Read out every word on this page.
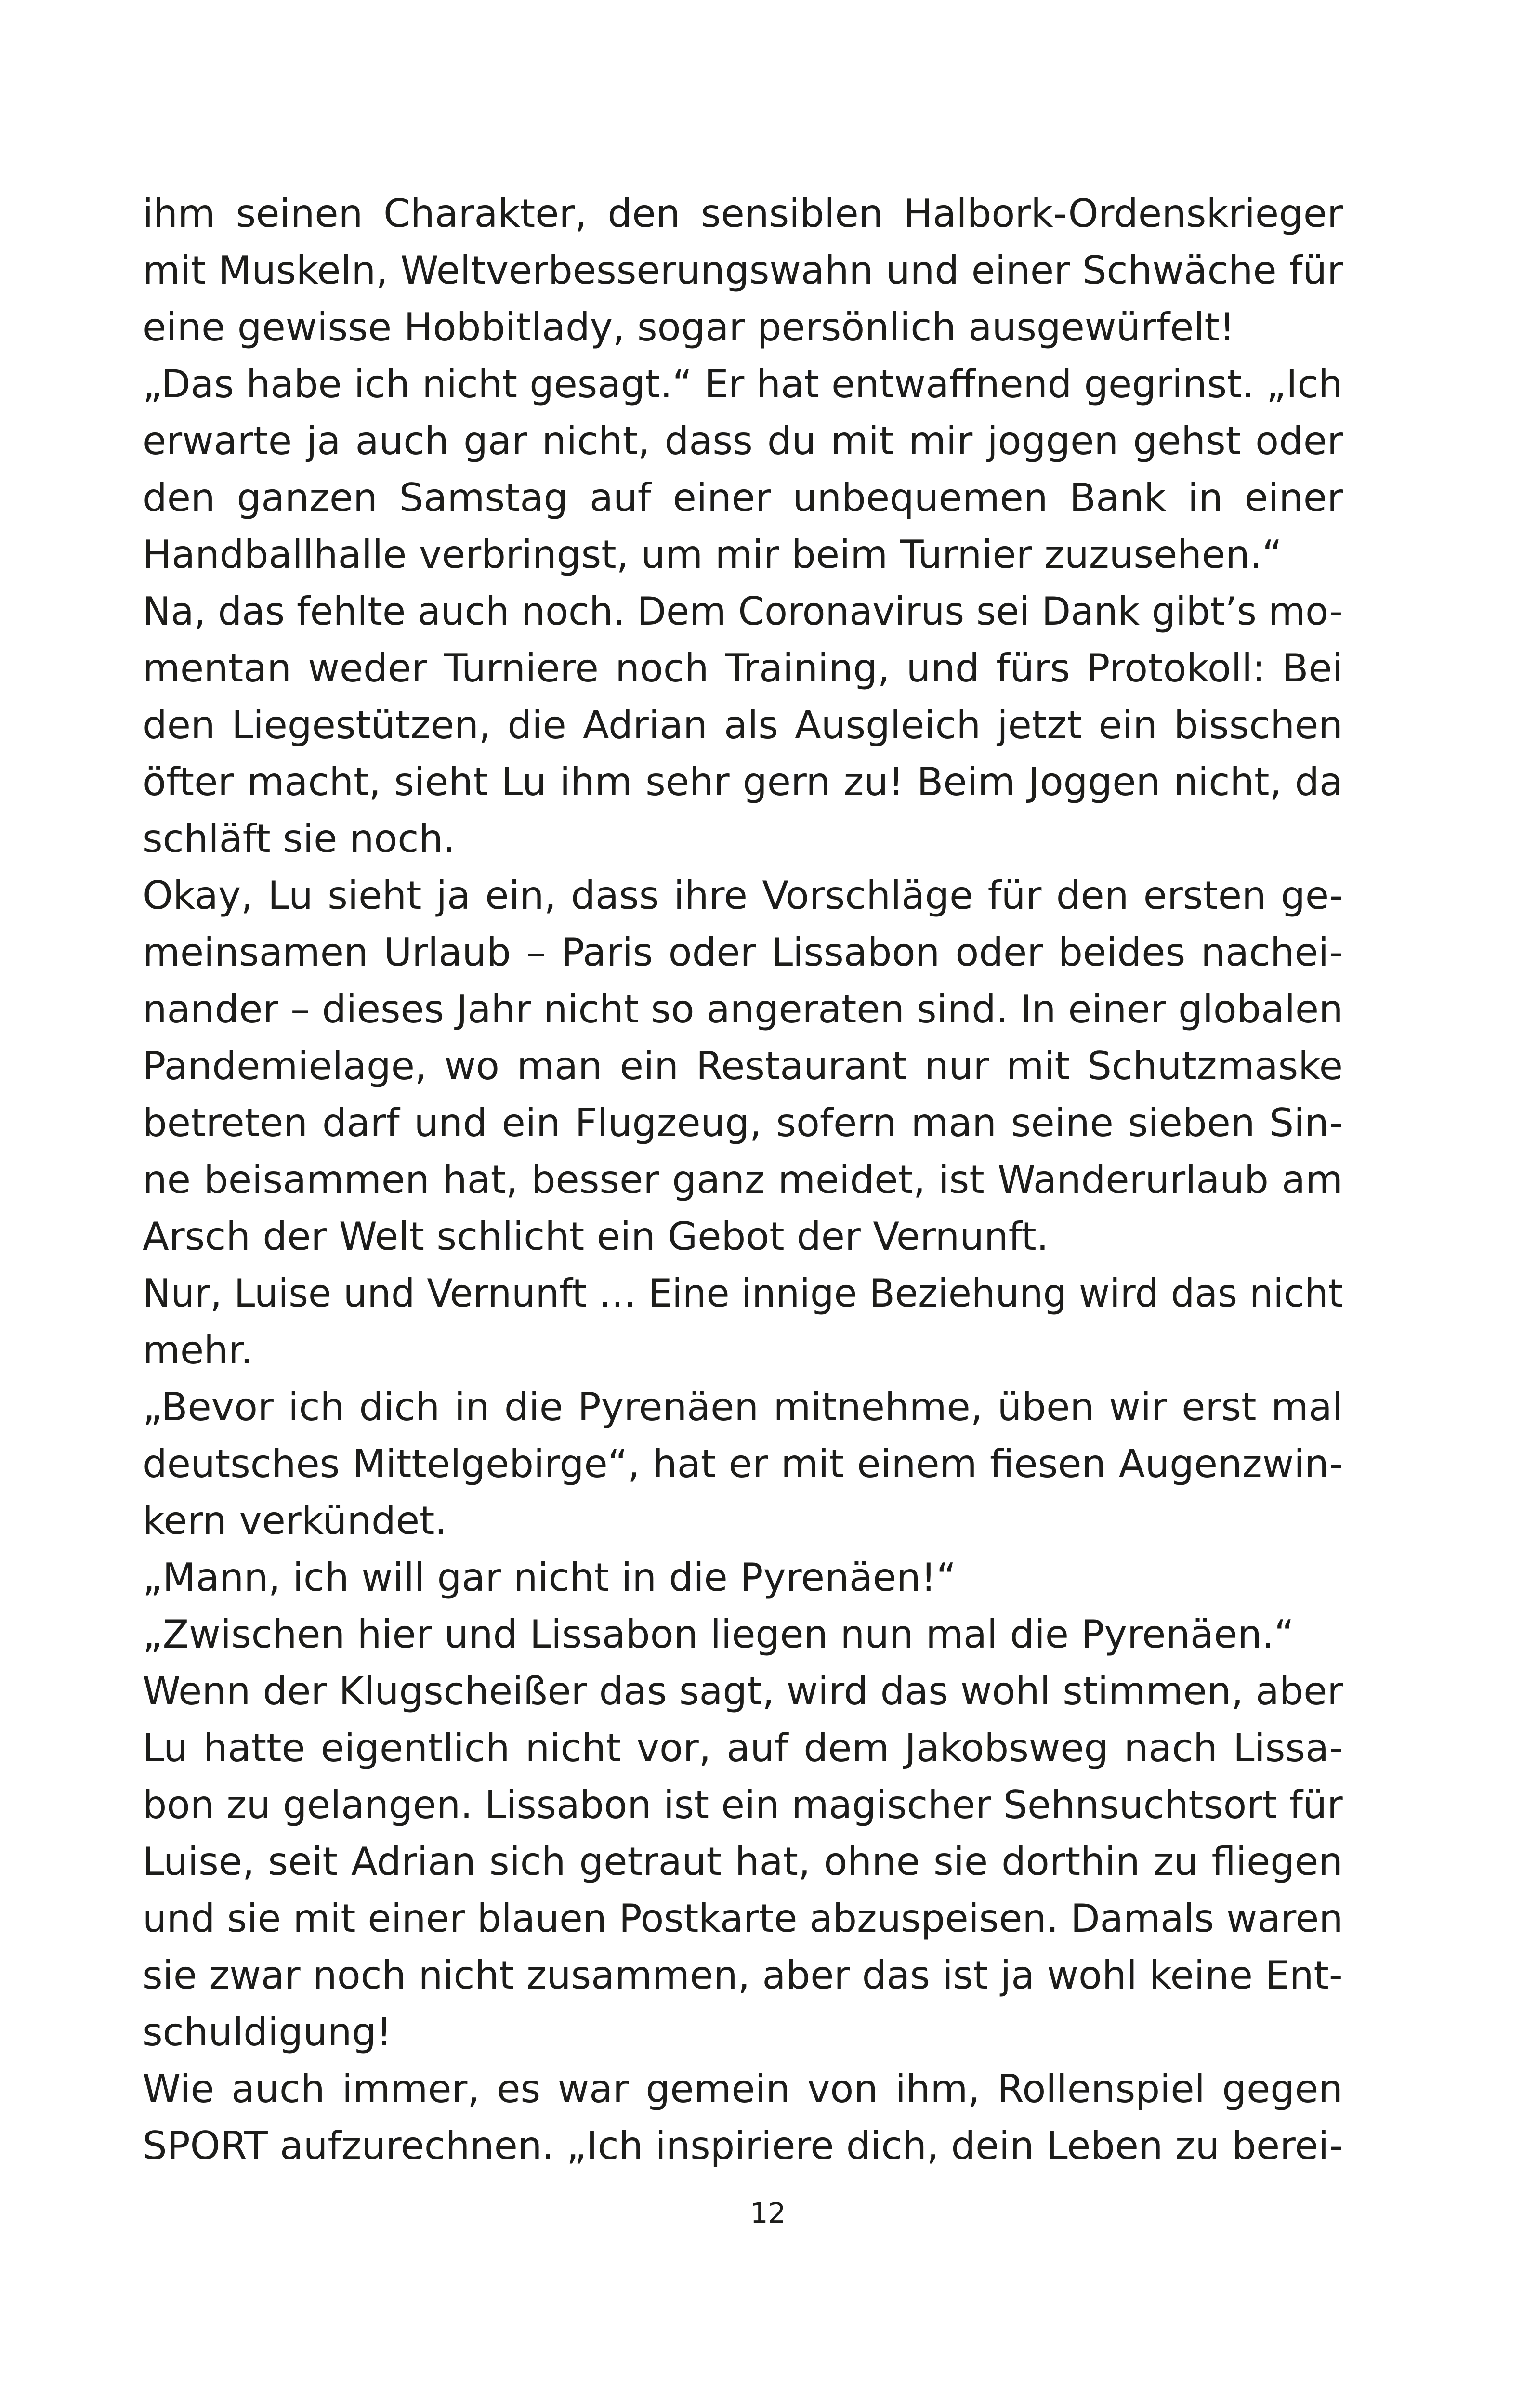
ihm seinen Charakter, den sensiblen Halbork-Ordenskrieger
mit Muskeln, Weltverbesserungswahn und einer Schwäche für
eine gewisse Hobbitlady, sogar persönlich ausgewürfelt!
„Das habe ich nicht gesagt.“ Er hat entwaffnend gegrinst. „Ich
erwarte ja auch gar nicht, dass du mit mir joggen gehst oder
den ganzen Samstag auf einer unbequemen Bank in einer
Handballhalle verbringst, um mir beim Turnier zuzusehen.“
Na, das fehlte auch noch. Dem Coronavirus sei Dank gibt’s mo-
mentan weder Turniere noch Training, und fürs Protokoll: Bei
den Liegestützen, die Adrian als Ausgleich jetzt ein bisschen
öfter macht, sieht Lu ihm sehr gern zu! Beim Joggen nicht, da
schläft sie noch.
Okay, Lu sieht ja ein, dass ihre Vorschläge für den ersten ge-
meinsamen Urlaub – Paris oder Lissabon oder beides nachei-
nander – dieses Jahr nicht so angeraten sind. In einer globalen
Pandemielage, wo man ein Restaurant nur mit Schutzmaske
betreten darf und ein Flugzeug, sofern man seine sieben Sin-
ne beisammen hat, besser ganz meidet, ist Wanderurlaub am
Arsch der Welt schlicht ein Gebot der Vernunft.
Nur, Luise und Vernunft … Eine innige Beziehung wird das nicht
mehr.
„Bevor ich dich in die Pyrenäen mitnehme, üben wir erst mal
deutsches Mittelgebirge“, hat er mit einem fiesen Augenzwin-
kern verkündet.
„Mann, ich will gar nicht in die Pyrenäen!“
„Zwischen hier und Lissabon liegen nun mal die Pyrenäen.“
Wenn der Klugscheißer das sagt, wird das wohl stimmen, aber
Lu hatte eigentlich nicht vor, auf dem Jakobsweg nach Lissa-
bon zu gelangen. Lissabon ist ein magischer Sehnsuchtsort für
Luise, seit Adrian sich getraut hat, ohne sie dorthin zu fliegen
und sie mit einer blauen Postkarte abzuspeisen. Damals waren
sie zwar noch nicht zusammen, aber das ist ja wohl keine Ent-
schuldigung!
Wie auch immer, es war gemein von ihm, Rollenspiel gegen
SPORT aufzurechnen. „Ich inspiriere dich, dein Leben zu berei-
12
